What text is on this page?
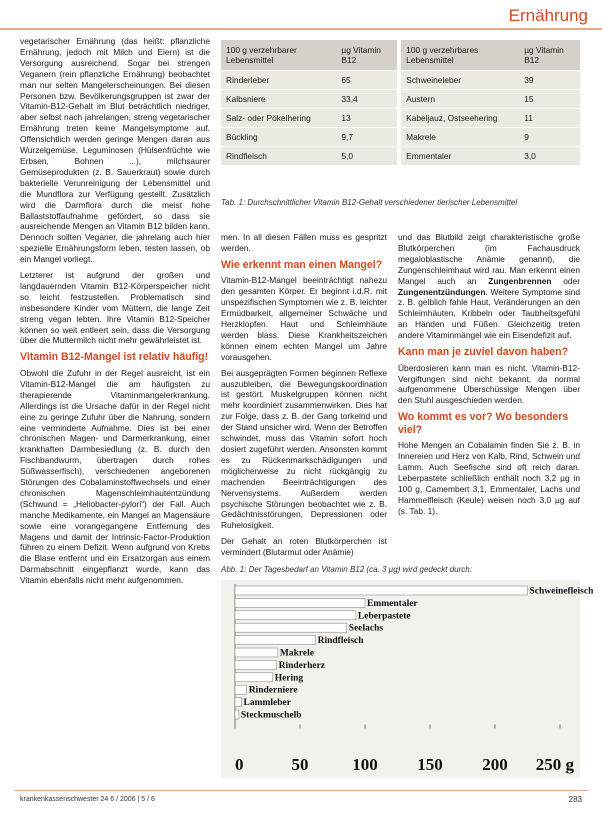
Ernährung

vegetarischer Ernährung (das heißt: pflanzliche Ernährung, jedoch mit Milch und Eiern) ist die Versorgung ausreichend. Sogar bei strengen Veganern (rein pflanzliche Ernährung) beobachtet man nur selten Mangelerscheinungen. Bei diesen Personen bzw. Bevölkerungsgruppen ist zwar der Vitamin-B12-Gehalt im Blut beträchtlich niedriger, aber selbst nach jahrelangen, streng vegetarischer Ernährung treten keine Mangelsymptome auf. Offensichtlich werden geringe Mengen daran aus Wurzelgemüse, Leguminosen (Hülsenfrüchte wie Erbsen, Bohnen ...), milchsaurer Gemüseprodukten (z. B. Sauerkraut) sowie durch bakterielle Verunreinigung der Lebensmittel und die Mundflora zur Verfügung gestellt. Zusätzlich wird die Darmflora durch die meist hohe Ballaststoffaufnahme gefördert, so dass sie ausreichende Mengen an Vitamin B12 bilden kann. Dennoch sollten Veganer, die jahrelang auch hier spezielle Ernährungsform leben, testen lassen, ob ein Mangel vorliegt.

Letzterer ist aufgrund der großen und langdauernden Vitamin B12-Körperspeicher nicht so leicht festzustellen. Problematisch sind insbesondere Kinder vom Müttern, die lange Zeit streng vegan lebten. Ihre Vitamin B12-Speicher können so weit entleert sein, dass die Versorgung über die Muttermilch nicht mehr gewährleistet ist.

Vitamin B12-Mangel ist relativ häufig!

Obwohl die Zufuhr in der Regel ausreicht, ist ein Vitamin-B12-Mangel die am häufigsten zu therapierende Vitaminmangelerkrankung. Allerdings ist die Ursache dafür in der Regel nicht eine zu geringe Zufuhr über die Nahrung, sondern eine verminderte Aufnahme. Dies ist bei einer chronischen Magen- und Darmerkrankung, einer krankhaften Darmbesiedlung (z. B. durch den Fischbandwurm, übertragen durch rohes Süßwasserfisch), verschiedenen angeborenen Störungen des Cobalaminstoffwechsels und einer chronischen Magenschleimhautentzündung (Schwund = „Heliobacter-pylori“) der Fall. Auch manche Medikamente, ein Mangel an Magensäure sowie eine vorangegangene Entfernung des Magens und damit der Intrinsic-Factor-Produktion führen zu einem Defizit. Wenn aufgrund von Krebs die Blase entfernt und ein Ersatzorgan aus einem Darmabschnitt eingepflanzt wurde, kann das Vitamin ebenfalls nicht mehr aufgenommen.

100 g verzehrbarer Lebensmittel	µg Vitamin B12		100 g verzehrbares Lebensmittel	µg Vitamin B12
Rinderleber	65		Schweineleber	39
Kalbsniere	33,4		Austern	15
Salz- oder Pökelhering	13		Kabeljauz, Ostseehering	11
Bückling	9,7		Makrele	9
Rindfleisch	5,0		Emmentaler	3,0
Tab. 1: Durchschnittlicher Vitamin B12-Gehalt verschiedener tierischer Lebensmittel

men. In all diesen Fällen muss es gespritzt werden.

Wie erkennt man einen Mangel?

Vitamin-B12-Mangel beeinträchtigt nahezu den gesamten Körper. Er beginnt i.d.R. mit unspezifischen Symptomen wie z. B. leichter Ermüdbarkeit, allgemeiner Schwäche und Herzklopfen. Haut und Schleimhäute werden blass. Diese Krankheitszeichen können einem echten Mangel um Jahre vorausgehen.

Bei ausgeprägten Formen beginnen Reflexe auszubleiben, die Bewegungskoordination ist gestört. Muskelgruppen können nicht mehr koordiniert zusammenwirken. Dies hat zur Folge, dass z. B. der Gang torkelnd und der Stand unsicher wird. Wenn der Betroffen schwindet, muss das Vitamin sofort hoch dosiert zugeführt werden. Ansonsten kommt es zu Rückenmarkschädigungen und möglicherweise zu nicht rückgängig zu machenden Beeinträchtigungen des Nervensystems. Außerdem werden psychische Störungen beobachtet wie z. B. Gedächtnisstörungen, Depressionen oder Ruhelosigkeit.

Der Gehalt an roten Blutkörperchen ist vermindert (Blutarmut oder Anämie)

und das Blutbild zeigt charakteristische große Blutkörperchen (im Fachausdruck megaloblastische Anämie genannt), die Zungenschleimhaut wird rau. Man erkennt einen Mangel auch an Zungenbrennen oder Zungenentzündungen. Weitere Symptome sind z. B. gelblich fahle Haut, Veränderungen an den Schleimhäuten, Kribbeln oder Taubheitsgefühl an Händen und Füßen. Gleichzeitig treten andere Vitaminmängel wie ein Eisendefizit auf.

Kann man je zuviel davon haben?

Überdosieren kann man es nicht. Vitamin-B12-Vergiftungen sind nicht bekannt, da normal aufgenommene Überschüssige Mengen über den Stuhl ausgeschieden werden.

Wo kommt es vor? Wo besonders viel?

Hohe Mengen an Cobalamin finden Sie z. B. in Innereien und Herz von Kalb, Rind, Schwein und Lamm. Auch Seefische sind oft reich daran. Leberpastete schließlich enthält noch 3,2 µg in 100 g, Camembert 3,1, Emmentaler, Lachs und Hammelfleisch (Keule) weisen noch 3,0 µg auf (s. Tab. 1).

Abb. 1: Der Tagesbedarf an Vitamin B12 (ca. 3 µg) wird gedeckt durch:
Schweinefleisch
Emmentaler
Leberpastete
Seelachs
Rindfleisch
Makrele
Rinderherz
Hering
Rinderniere
Lammleber
Steckmuschelb
0	50	100 150 200 250 g
krankenkassenschwester 24 6 / 2006 | 5 / 6	283
